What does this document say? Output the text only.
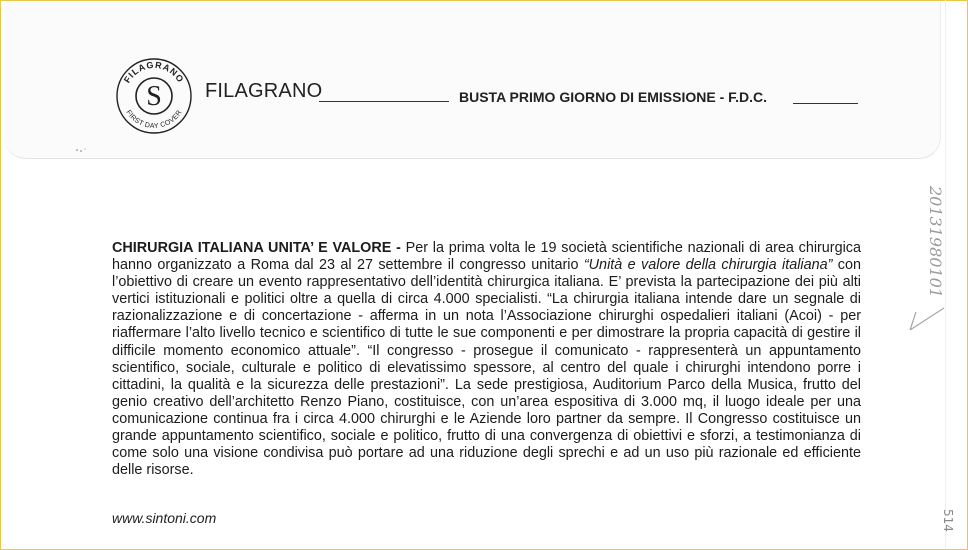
FILAGRANO
FIRST DAY COVER
S FILAGRANO	BUSTA PRIMO GIORNO DI EMISSIONE - F.D.C.
CHIRURGIA ITALIANA UNITA’ E VALORE - Per la prima volta le 19 società scientifiche nazionali di area chirurgica hanno organizzato a Roma dal 23 al 27 settembre il congresso unitario “Unità e valore della chirurgia italiana” con l’obiettivo di creare un evento rappresentativo dell’identità chirurgica italiana. E’ prevista la partecipazione dei più alti vertici istituzionali e politici oltre a quella di circa 4.000 specialisti. “La chirurgia italiana intende dare un segnale di razionalizzazione e di concertazione - afferma in un nota l’Associazione chirurghi ospedalieri italiani (Acoi) - per riaffermare l’alto livello tecnico e scientifico di tutte le sue componenti e per dimostrare la propria capacità di gestire il difficile momento economico attuale”. “Il congresso - prosegue il comunicato - rappresenterà un appuntamento scientifico, sociale, culturale e politico di elevatissimo spessore, al centro del quale i chirurghi intendono porre i cittadini, la qualità e la sicurezza delle prestazioni”. La sede prestigiosa, Auditorium Parco della Musica, frutto del genio creativo dell’architetto Renzo Piano, costituisce, con un’area espositiva di 3.000 mq, il luogo ideale per una comunicazione continua fra i circa 4.000 chirurghi e le Aziende loro partner da sempre. Il Congresso costituisce un grande appuntamento scientifico, sociale e politico, frutto di una convergenza di obiettivi e sforzi, a testimonianza di come solo una visione condivisa può portare ad una riduzione degli sprechi e ad un uso più razionale ed efficiente delle risorse.
www.sintoni.com
20131980101
514
